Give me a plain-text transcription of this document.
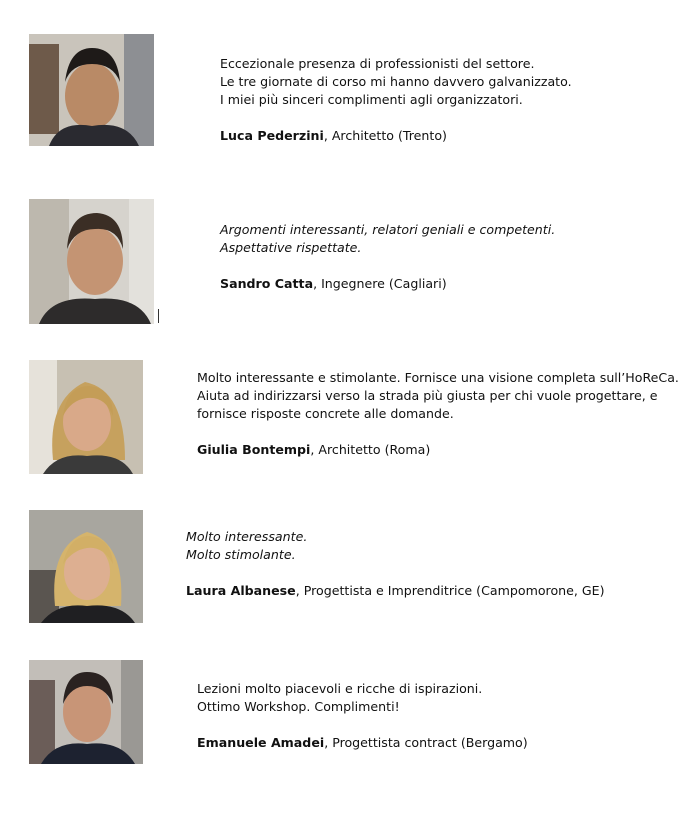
Eccezionale presenza di professionisti del settore.

Le tre giornate di corso mi hanno davvero galvanizzato.

I miei più sinceri complimenti agli organizzatori.

Luca Pederzini, Architetto (Trento)

Argomenti interessanti, relatori geniali e competenti.

Aspettative rispettate.

Sandro Catta, Ingegnere (Cagliari)

Molto interessante e stimolante. Fornisce una visione completa sull’HoReCa.

Aiuta ad indirizzarsi verso la strada più giusta per chi vuole progettare, e

fornisce risposte concrete alle domande.

Giulia Bontempi, Architetto (Roma)

Molto interessante.

Molto stimolante.

Laura Albanese, Progettista e Imprenditrice (Campomorone, GE)

Lezioni molto piacevoli e ricche di ispirazioni.

Ottimo Workshop. Complimenti!

Emanuele Amadei, Progettista contract (Bergamo)
